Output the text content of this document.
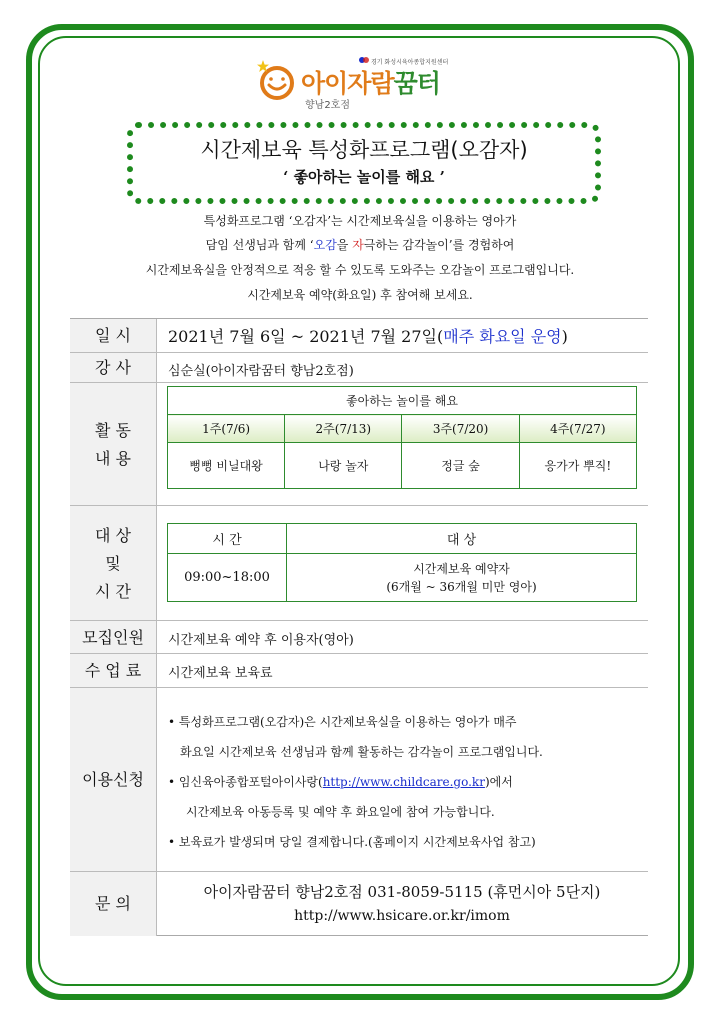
경기 화성시육아종합지원센터
아이자람꿈터
향남2호점
시간제보육 특성화프로그램(오감자)
‘ 좋아하는 놀이를 해요 ’
특성화프로그램 ‘오감자’는 시간제보육실을 이용하는 영아가
담임 선생님과 함께 ‘오감을 자극하는 감각놀이’를 경험하여
시간제보육실을 안정적으로 적응 할 수 있도록 도와주는 오감놀이 프로그램입니다.
시간제보육 예약(화요일) 후 참여해 보세요.
일 시	2021년 7월 6일 ~ 2021년 7월 27일(매주 화요일 운영)
강 사	심순실(아이자람꿈터 향남2호점)
활 동
내 용
좋아하는 놀이를 해요			
1주(7/6)	2주(7/13)	3주(7/20)	4주(7/27)
뻥뻥 비닐대왕	나랑 놀자	정글 숲	응가가 뿌직!
대 상
및
시 간
시 간	대 상
09:00~18:00	시간제보육 예약자
(6개월 ~ 36개월 미만 영아)
모집인원	시간제보육 예약 후 이용자(영아)
수 업 료	시간제보육 보육료
이용신청
• 특성화프로그램(오감자)은 시간제보육실을 이용하는 영아가 매주
화요일 시간제보육 선생님과 함께 활동하는 감각놀이 프로그램입니다.
• 임신육아종합포털아이사랑(http://www.childcare.go.kr)에서
시간제보육 아동등록 및 예약 후 화요일에 참여 가능합니다.
• 보육료가 발생되며 당일 결제합니다.(홈페이지 시간제보육사업 참고)
문 의
아이자람꿈터 향남2호점 031-8059-5115 (휴먼시아 5단지)
http://www.hsicare.or.kr/imom
